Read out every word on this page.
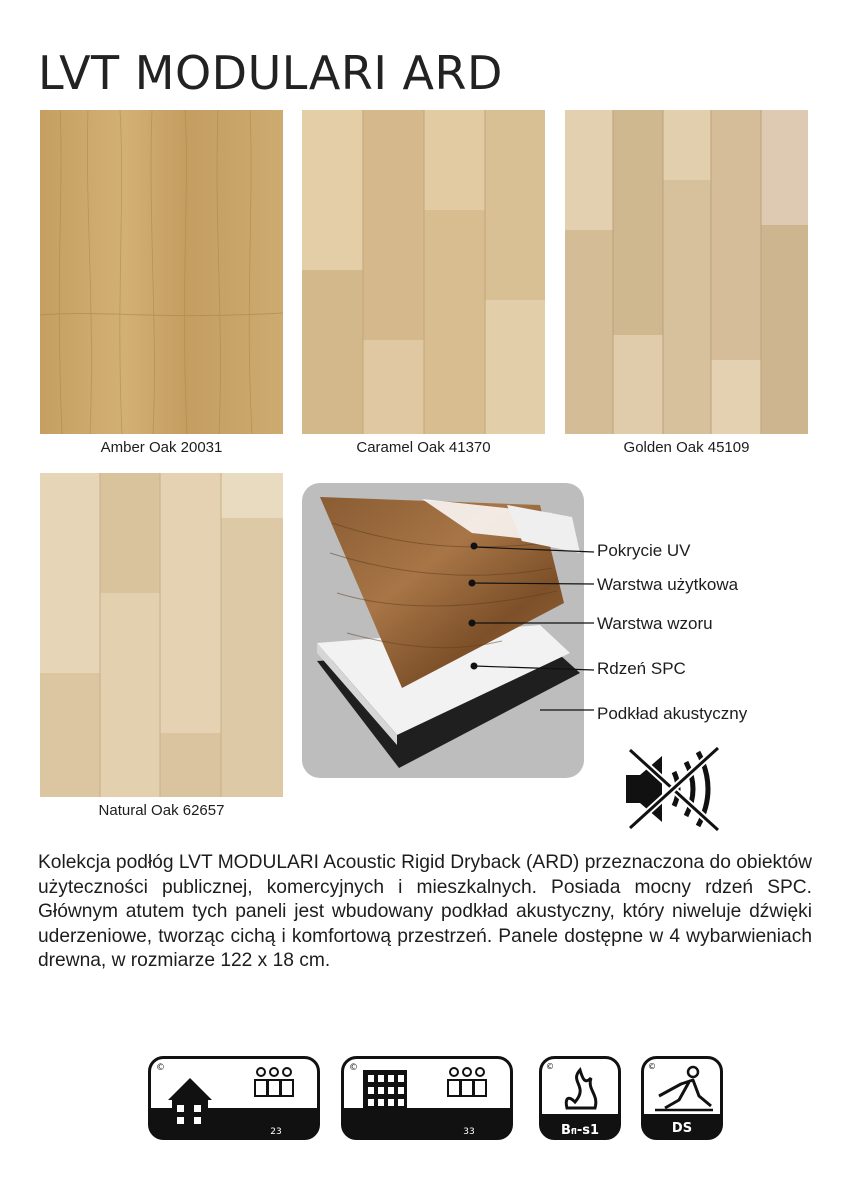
LVT MODULARI ARD
Amber Oak 20031	Caramel Oak 41370	Golden Oak 45109
Natural Oak 62657
Pokrycie UV
Warstwa użytkowa
Warstwa wzoru
Rdzeń SPC
Podkład akustyczny

Kolekcja podłóg LVT MODULARI Acoustic Rigid Dryback (ARD) przeznaczona do obiektów użyteczności publicznej, komercyjnych i mieszkalnych. Posiada mocny rdzeń SPC. Głównym atutem tych paneli jest wbudowany podkład akustyczny, który niweluje dźwięki uderzeniowe, tworząc cichą i komfortową przestrzeń. Panele dostępne w 4 wybarwieniach drewna, w rozmiarze 122 x 18 cm.

©
23
©
33
©
Bfl-s1
©
DS
